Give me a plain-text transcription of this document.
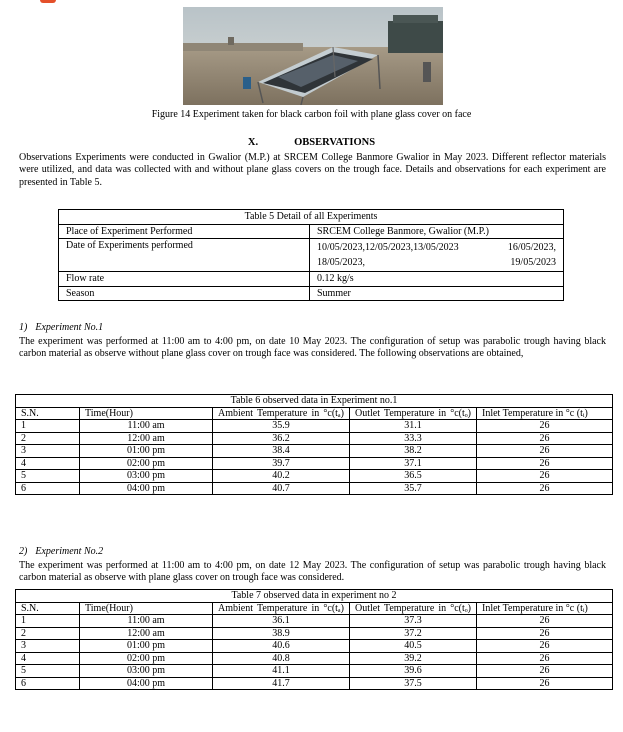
Figure 14 Experiment taken for black carbon foil with plane glass cover on face
X.	OBSERVATIONS
Observations Experiments were conducted in Gwalior (M.P.) at SRCEM College Banmore Gwalior in May 2023. Different reflector materials were utilized, and data was collected with and without plane glass covers on the trough face. Details and observations for each experiment are presented in Table 5.
Table 5 Detail of all Experiments	
Place of Experiment Performed	SRCEM College Banmore, Gwalior (M.P.)
Date of Experiments performed	10/05/2023,12/05/2023,13/05/2023 16/05/2023, 18/05/2023, 19/05/2023
Flow rate	0.12 kg/s
Season	Summer
1) Experiment No.1
The experiment was performed at 11:00 am to 4:00 pm, on date 10 May 2023. The configuration of setup was parabolic trough having black carbon material as observe without plane glass cover on trough face was considered. The following observations are obtained,
Table 6 observed data in Experiment no.1				
S.N.	Time(Hour)	Ambient Temperature in °c(tₐ)	Outlet Temperature in °c(tₒ)	Inlet Temperature in °c (tᵢ)
1	11:00 am	35.9	31.1	26
2	12:00 am	36.2	33.3	26
3	01:00 pm	38.4	38.2	26
4	02:00 pm	39.7	37.1	26
5	03:00 pm	40.2	36.5	26
6	04:00 pm	40.7	35.7	26
2) Experiment No.2
The experiment was performed at 11:00 am to 4:00 pm, on date 12 May 2023. The configuration of setup was parabolic trough having black carbon material as observe with plane glass cover on trough face was considered.
Table 7 observed data in experiment no 2				
S.N.	Time(Hour)	Ambient Temperature in °c(tₐ)	Outlet Temperature in °c(tₒ)	Inlet Temperature in °c (tᵢ)
1	11:00 am	36.1	37.3	26
2	12:00 am	38.9	37.2	26
3	01:00 pm	40.6	40.5	26
4	02:00 pm	40.8	39.2	26
5	03:00 pm	41.1	39.6	26
6	04:00 pm	41.7	37.5	26
